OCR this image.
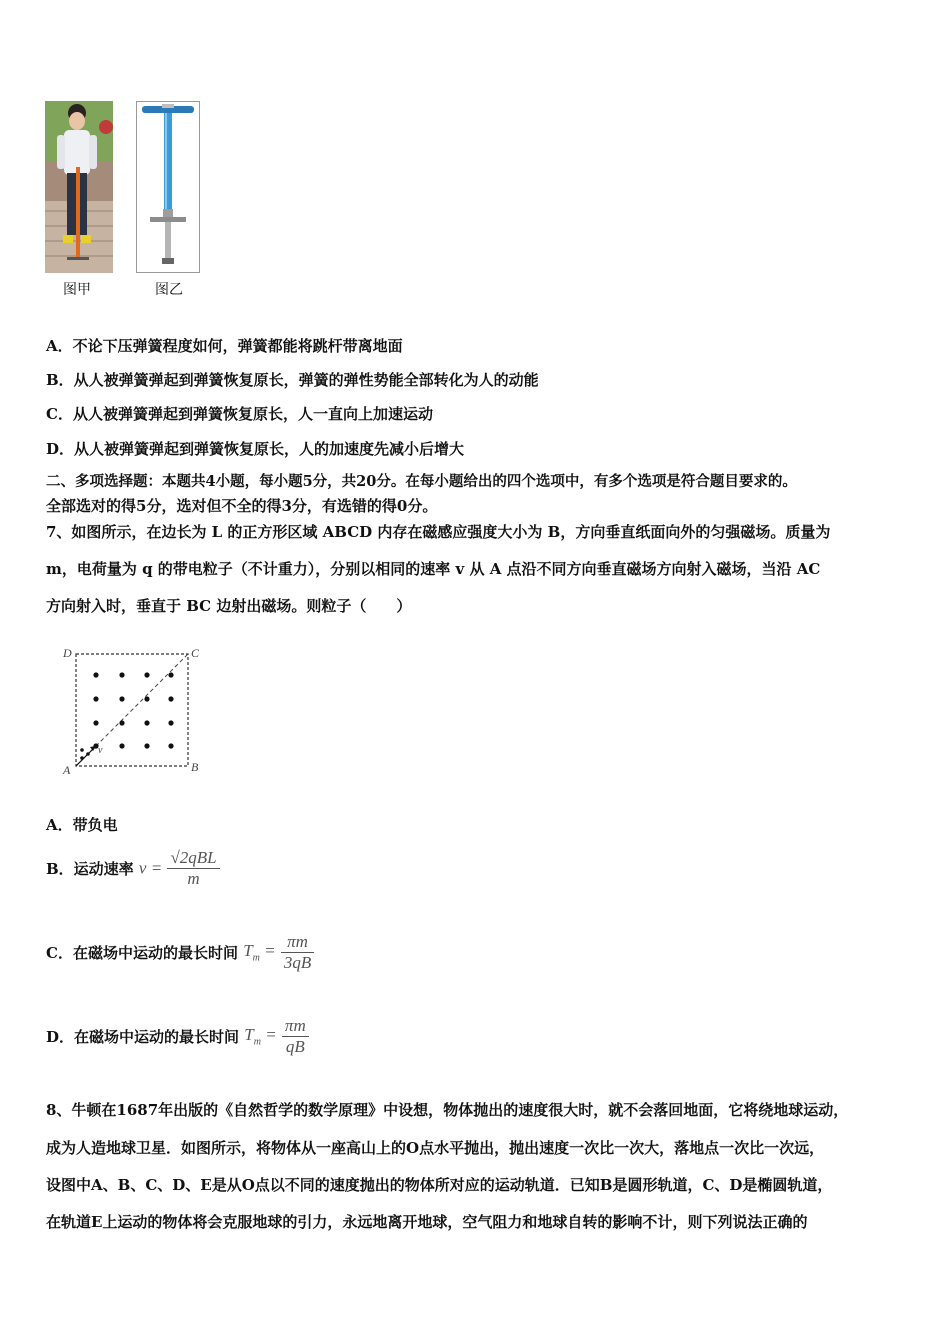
图甲	图乙
A．不论下压弹簧程度如何，弹簧都能将跳杆带离地面
B．从人被弹簧弹起到弹簧恢复原长，弹簧的弹性势能全部转化为人的动能
C．从人被弹簧弹起到弹簧恢复原长，人一直向上加速运动
D．从人被弹簧弹起到弹簧恢复原长，人的加速度先减小后增大
二、多项选择题：本题共4小题，每小题5分，共20分。在每小题给出的四个选项中，有多个选项是符合题目要求的。
全部选对的得5分，选对但不全的得3分，有选错的得0分。
7、如图所示，在边长为 L 的正方形区域 ABCD 内存在磁感应强度大小为 B，方向垂直纸面向外的匀强磁场。质量为
m，电荷量为 q 的带电粒子（不计重力），分别以相同的速率 v 从 A 点沿不同方向垂直磁场方向射入磁场，当沿 AC
方向射入时，垂直于 BC 边射出磁场。则粒子（　　）
D	C
A	B
v
A．带负电
B．运动速率 $v = \frac{\text{√2qBL}}{m}$
C．在磁场中运动的最长时间 $T_m = \frac{\pi m}{3qB}$
D．在磁场中运动的最长时间 $T_m = \frac{\pi m}{qB}$
8、牛顿在1687年出版的《自然哲学的数学原理》中设想，物体抛出的速度很大时，就不会落回地面，它将绕地球运动，
成为人造地球卫星．如图所示，将物体从一座高山上的O点水平抛出，抛出速度一次比一次大，落地点一次比一次远，
设图中A、B、C、D、E是从O点以不同的速度抛出的物体所对应的运动轨道．已知B是圆形轨道，C、D是椭圆轨道，
在轨道E上运动的物体将会克服地球的引力，永远地离开地球，空气阻力和地球自转的影响不计，则下列说法正确的
